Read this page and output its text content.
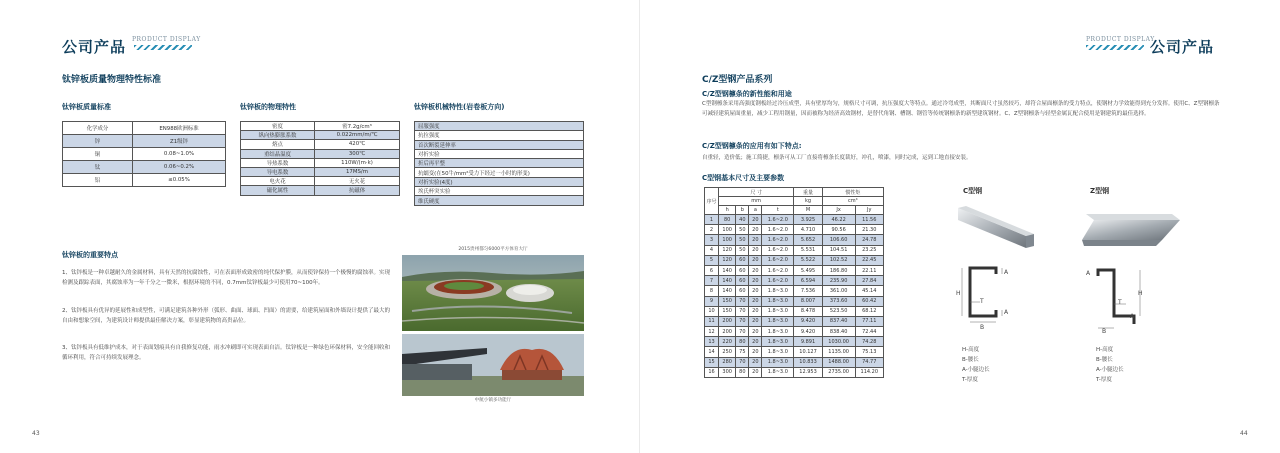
公司产品 PRODUCT DISPLAY
钛锌板质量物理特性标准
钛锌板质量标准
化学成分	EN988欧洲标准
锌	Z1级锌
铜	0.08~1.0%
钛	0.06~0.2%
铝	≤0.05%
钛锌板的物理特性
密度	密7.2g/cm³
纵向热膨胀系数	0.022mm/m/℃
熔点	420℃
重结晶温度	300℃
导热系数	110W/(m·k)
导电系数	17MS/m
电火花	无火花
磁化属性	抗磁体
钛锌板机械特性(岩卷板方向)
屈服强度
抗拉强度
首次断裂延伸率
对折实验
折后再平整
抗蠕变(在50牛/mm²受力下经过一小时的形变)
对折实验(4度)
埃氏杯突实验
维氏硬度
钛锌板的重要特点
1、钛锌板是一种卓越耐久的金属材料，具有天然的抗腐蚀性，可在表面形成致密的纯代保护膜，从而使锌保持一个极慢的腐蚀率。实现检测及跟踪表面，其腐蚀率为一年千分之一微米，根据环境的不同，0.7mm钛锌板最少可使用70~100年。
2、钛锌板具有优异的延展性和成型性，可满足建筑各种外形（弧形、曲面、球面、凹面）的需要，给建筑屋面和外墙设计提供了最大的自由和想象空间，为建筑设计师提供最佳解决方案，彰显建筑物的高贵品位。
3、钛锌板具有低维护成本，对于表面划痕具有自我修复功能，雨水冲刷即可实现表面自洁。钛锌板是一种绿色环保材料，安全能回收和循环利用，符合可持续发展理念。
2015贵州都匀6000平方体育大厅
中航小镇多功能厅
43
PRODUCT DISPLAY
公司产品
C/Z型钢产品系列
C/Z型钢檩条的新性能和用途
C型钢檩条采用高强度钢板经过冷压成型，具有壁厚均匀，规格尺寸可调，抗压强度大等特点。通过冷弯成型，其断面尺寸虽然较巧，却符合屋面檩条的受力特点，使钢材力学效能得到充分发挥。使用C、Z型钢檩条可减轻建筑屋面重量，减少工程用钢量，因而被称为经济高效钢材，是替代角钢、槽钢、钢管等传统钢檩条的新型建筑钢材。C、Z型钢檩条与轻型金属瓦配合使用是钢建筑的最佳选择。
C/Z型钢檩条的应用有如下特点:
自重轻，造价低；施工简捷，檩条可从工厂直接将檩条长度裁好，冲孔，喷漆，同时完成，运到工地直接安装。
C型钢基本尺寸及主要参数
序号	尺 寸				重量	惯性矩	
	mm				kg	cm⁴	
	h	b	a	t	M	Jx	Jy
1	80	40	20	1.6~2.0	3.925	46.22	11.56
2	100	50	20	1.6~2.0	4.710	90.56	21.30
3	100	50	20	1.6~2.0	5.652	106.60	24.78
4	120	50	20	1.6~2.0	5.531	104.51	23.25
5	120	60	20	1.6~2.0	5.522	102.52	22.45
6	140	60	20	1.6~2.0	5.495	186.80	22.11
7	140	60	20	1.6~2.0	6.594	235.90	27.84
8	140	60	20	1.8~3.0	7.536	361.00	45.14
9	150	70	20	1.8~3.0	8.007	373.60	60.42
10	150	70	20	1.8~3.0	8.478	523.50	68.12
11	200	70	20	1.8~3.0	9.420	837.40	77.11
12	200	70	20	1.8~3.0	9.420	838.40	72.44
13	220	80	20	1.8~3.0	9.891	1030.00	74.28
14	250	75	20	1.8~3.0	10.127	1135.00	75.13
15	280	70	20	1.8~3.0	10.833	1488.00	74.77
16	300	80	20	1.8~3.0	12.953	2735.00	114.20
C型钢
H
B
A
A
T
H-高度
B-腰长
A-小腿边长
T-厚度
Z型钢
A
H
T
A
B
H-高度
B-腰长
A-小腿边长
T-厚度
44
